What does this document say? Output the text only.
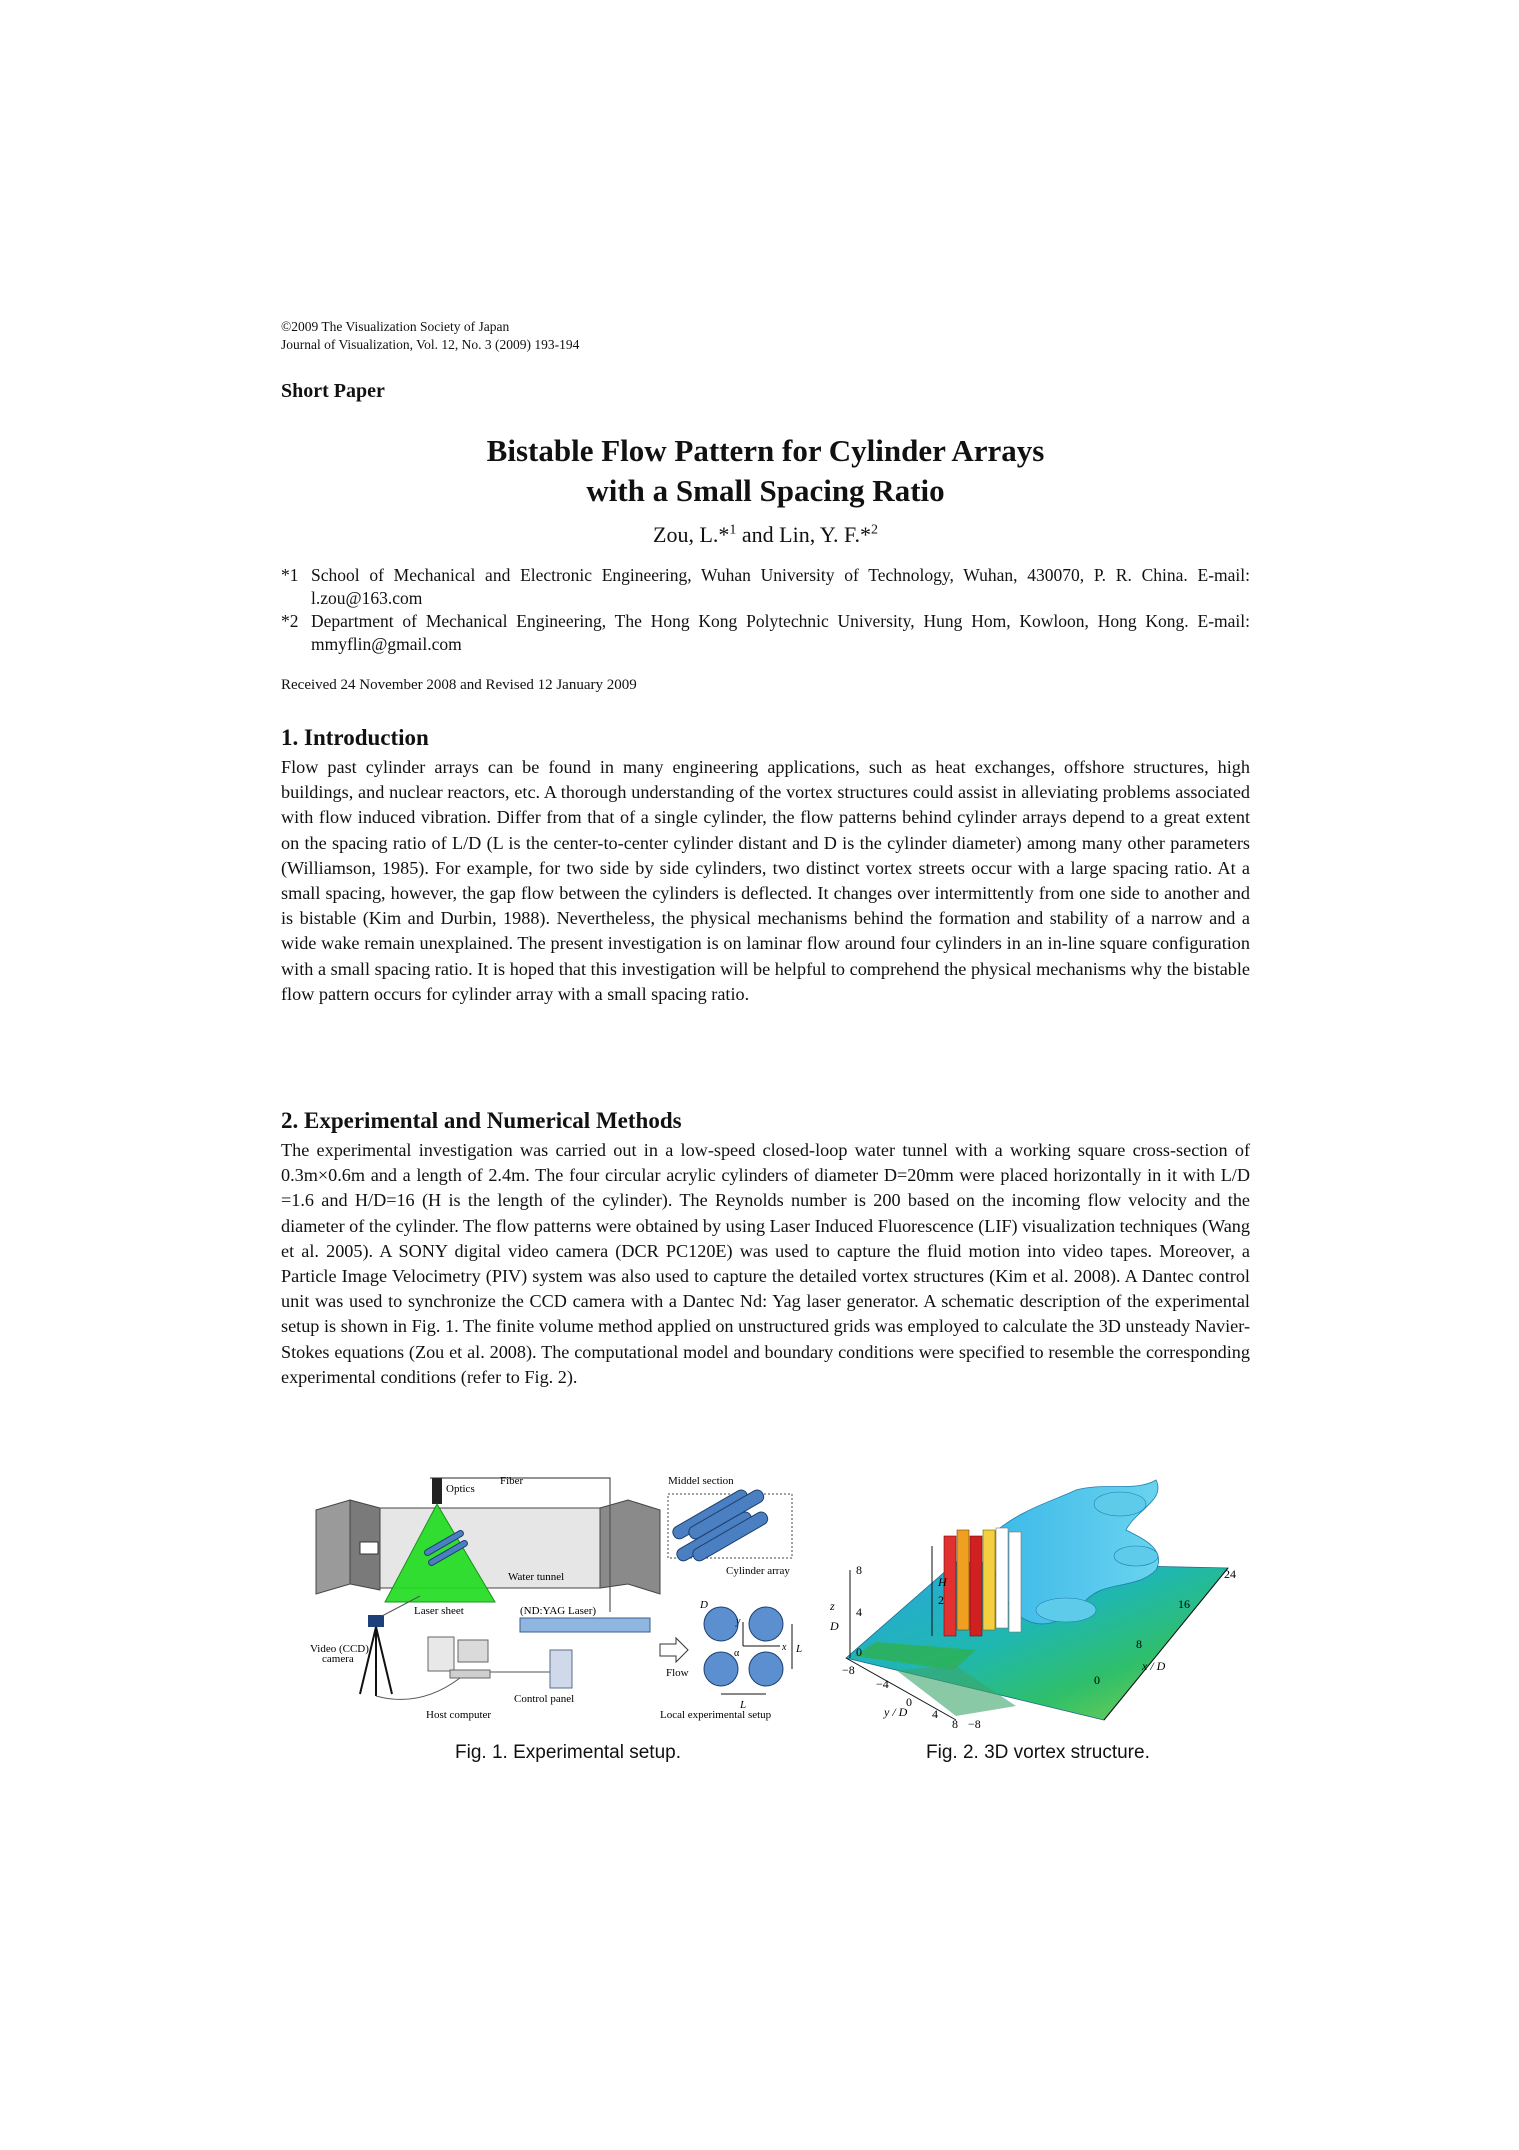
©2009 The Visualization Society of Japan
Journal of Visualization, Vol. 12, No. 3 (2009) 193-194
Short Paper
Bistable Flow Pattern for Cylinder Arrays
with a Small Spacing Ratio
Zou, L.*$^1$ and Lin, Y. F.*$^2$
*1 School of Mechanical and Electronic Engineering, Wuhan University of Technology, Wuhan, 430070, P. R. China. E-mail: l.zou@163.com
*2 Department of Mechanical Engineering, The Hong Kong Polytechnic University, Hung Hom, Kowloon, Hong Kong. E-mail: mmyflin@gmail.com
Received 24 November 2008 and Revised 12 January 2009
1. Introduction
Flow past cylinder arrays can be found in many engineering applications, such as heat exchanges, offshore structures, high buildings, and nuclear reactors, etc. A thorough understanding of the vortex structures could assist in alleviating problems associated with flow induced vibration. Differ from that of a single cylinder, the flow patterns behind cylinder arrays depend to a great extent on the spacing ratio of L/D (L is the center-to-center cylinder distant and D is the cylinder diameter) among many other parameters (Williamson, 1985). For example, for two side by side cylinders, two distinct vortex streets occur with a large spacing ratio. At a small spacing, however, the gap flow between the cylinders is deflected. It changes over intermittently from one side to another and is bistable (Kim and Durbin, 1988). Nevertheless, the physical mechanisms behind the formation and stability of a narrow and a wide wake remain unexplained. The present investigation is on laminar flow around four cylinders in an in-line square configuration with a small spacing ratio. It is hoped that this investigation will be helpful to comprehend the physical mechanisms why the bistable flow pattern occurs for cylinder array with a small spacing ratio.
2. Experimental and Numerical Methods
The experimental investigation was carried out in a low-speed closed-loop water tunnel with a working square cross-section of 0.3m×0.6m and a length of 2.4m. The four circular acrylic cylinders of diameter D=20mm were placed horizontally in it with L/D =1.6 and H/D=16 (H is the length of the cylinder). The Reynolds number is 200 based on the incoming flow velocity and the diameter of the cylinder. The flow patterns were obtained by using Laser Induced Fluorescence (LIF) visualization techniques (Wang et al. 2005). A SONY digital video camera (DCR PC120E) was used to capture the fluid motion into video tapes. Moreover, a Particle Image Velocimetry (PIV) system was also used to capture the detailed vortex structures (Kim et al. 2008). A Dantec control unit was used to synchronize the CCD camera with a Dantec Nd: Yag laser generator. A schematic description of the experimental setup is shown in Fig. 1. The finite volume method applied on unstructured grids was employed to calculate the 3D unsteady Navier-Stokes equations (Zou et al. 2008). The computational model and boundary conditions were specified to resemble the corresponding experimental conditions (refer to Fig. 2).
Fiber
Optics
Middel section
Cylinder array
Water tunnel
Laser sheet	(ND:YAG Laser)
Video (CCD)
camera
Flow
Host computer
Control panel
Local experimental setup
D
L
L
x
y
α
Fig. 1. Experimental setup.
8
4
0
z
D
H
2
−8
−4
0
4
8
y / D
−8
0
8
16
24
x / D
Fig. 2. 3D vortex structure.
